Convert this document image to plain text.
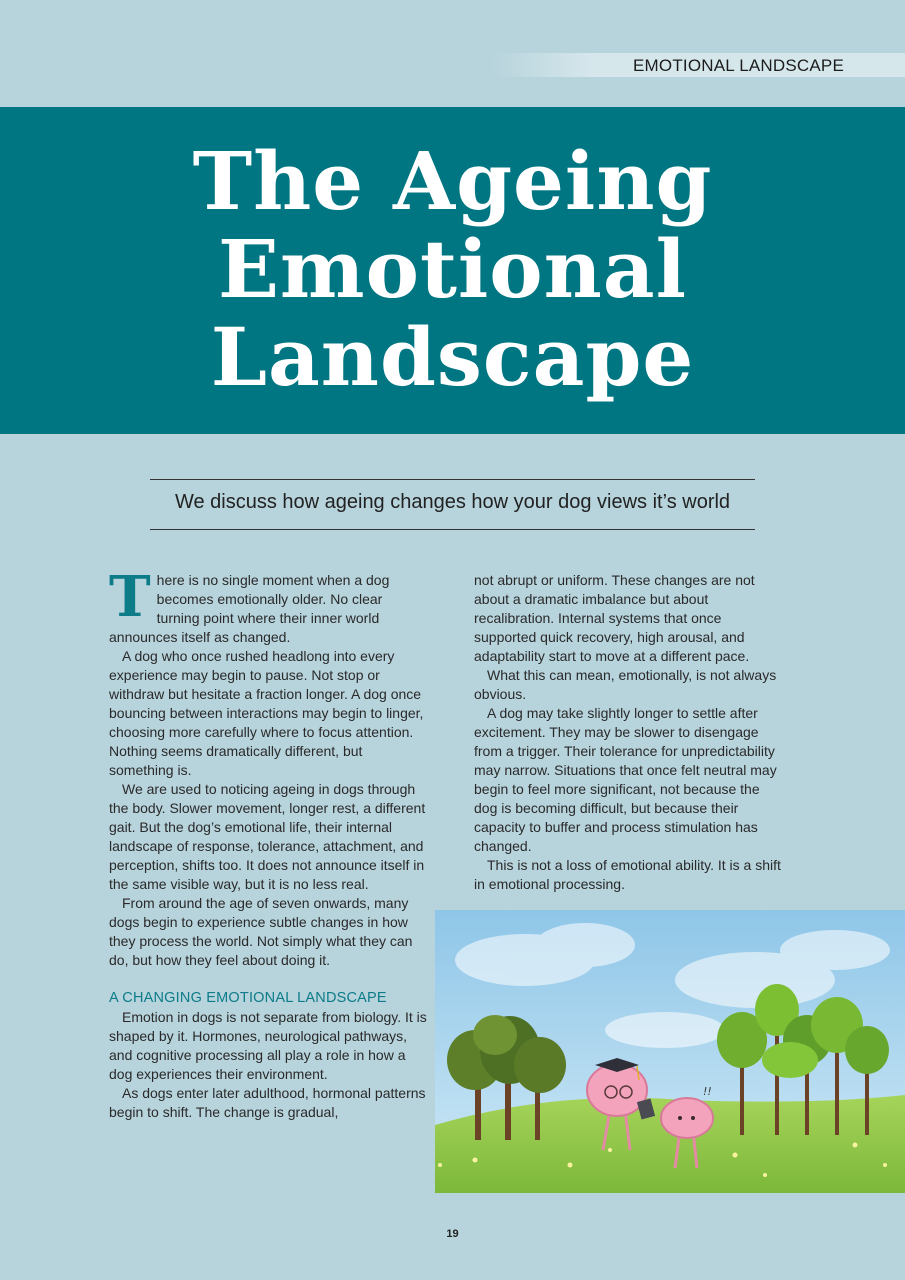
EMOTIONAL LANDSCAPE
The Ageing
Emotional
Landscape

We discuss how ageing changes how your dog views it’s world

There is no single moment when a dog becomes emotionally older. No clear turning point where their inner world announces itself as changed.

A dog who once rushed headlong into every experience may begin to pause. Not stop or withdraw but hesitate a fraction longer. A dog once bouncing between interactions may begin to linger, choosing more carefully where to focus attention. Nothing seems dramatically different, but something is.

We are used to noticing ageing in dogs through the body. Slower movement, longer rest, a different gait. But the dog’s emotional life, their internal landscape of response, tolerance, attachment, and perception, shifts too. It does not announce itself in the same visible way, but it is no less real.

From around the age of seven onwards, many dogs begin to experience subtle changes in how they process the world. Not simply what they can do, but how they feel about doing it.

A CHANGING EMOTIONAL LANDSCAPE

Emotion in dogs is not separate from biology. It is shaped by it. Hormones, neurological pathways, and cognitive processing all play a role in how a dog experiences their environment.

As dogs enter later adulthood, hormonal patterns begin to shift. The change is gradual,

not abrupt or uniform. These changes are not about a dramatic imbalance but about recalibration. Internal systems that once supported quick recovery, high arousal, and adaptability start to move at a different pace.

What this can mean, emotionally, is not always obvious.

A dog may take slightly longer to settle after excitement. They may be slower to disengage from a trigger. Their tolerance for unpredictability may narrow. Situations that once felt neutral may begin to feel more significant, not because the dog is becoming difficult, but because their capacity to buffer and process stimulation has changed.

This is not a loss of emotional ability. It is a shift in emotional processing.

!!
19
